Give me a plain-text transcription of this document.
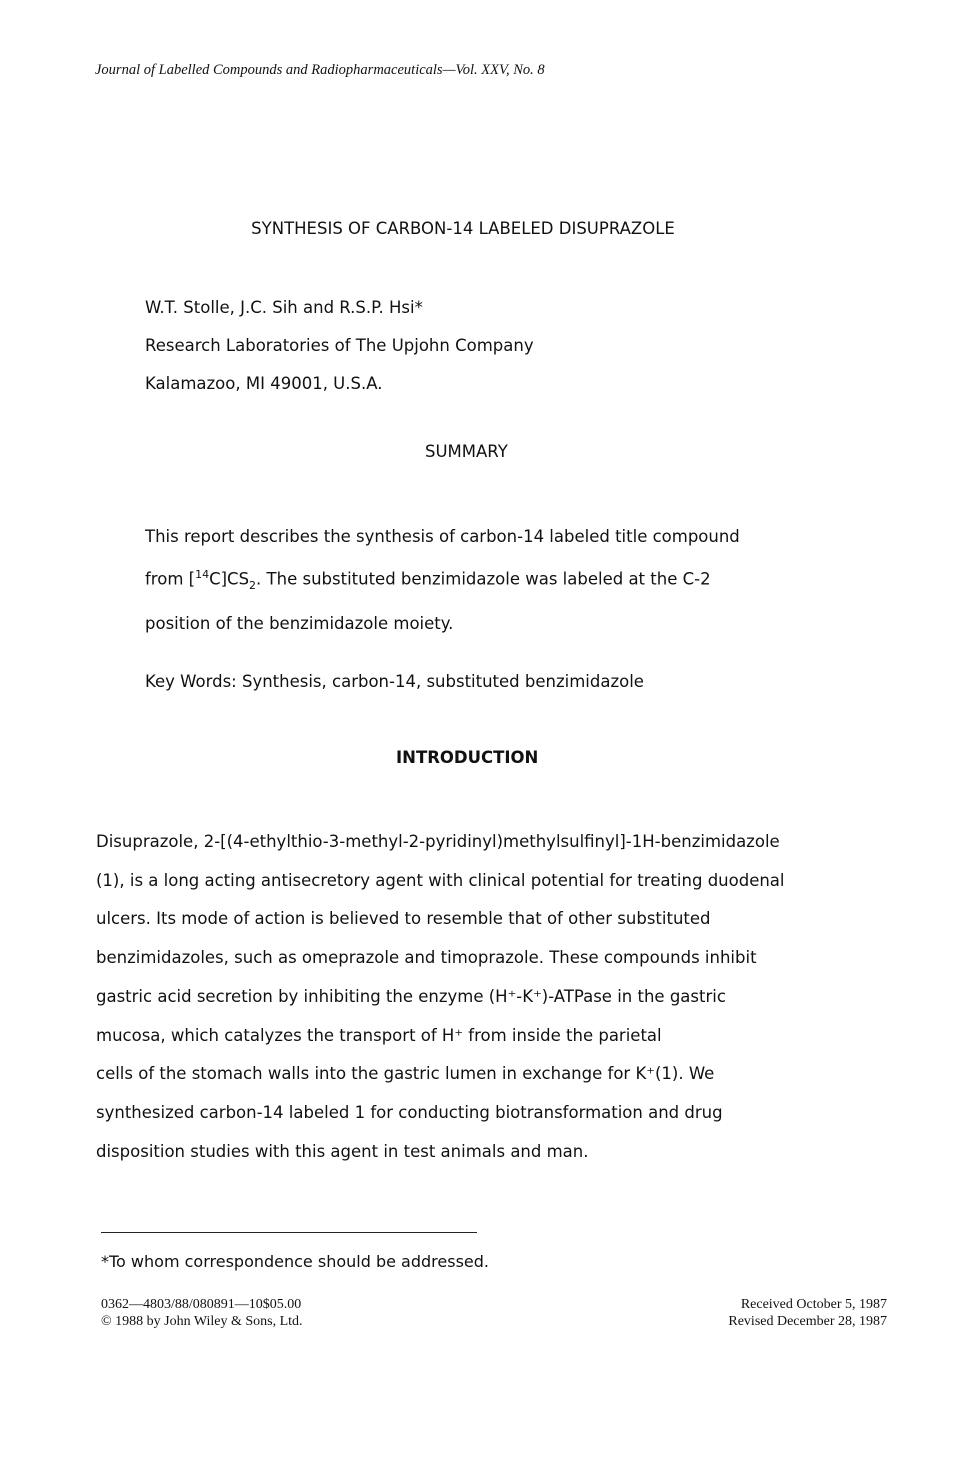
Journal of Labelled Compounds and Radiopharmaceuticals—Vol. XXV, No. 8
SYNTHESIS OF CARBON-14 LABELED DISUPRAZOLE
W.T. Stolle, J.C. Sih and R.S.P. Hsi*
Research Laboratories of The Upjohn Company
Kalamazoo, MI 49001, U.S.A.
SUMMARY

This report describes the synthesis of carbon-14 labeled title compound

from $[^{14}C]CS_2$. The substituted benzimidazole was labeled at the C-2

position of the benzimidazole moiety.

Key Words: Synthesis, carbon-14, substituted benzimidazole
INTRODUCTION

Disuprazole, 2-[(4-ethylthio-3-methyl-2-pyridinyl)methylsulfinyl]-1H-benzimidazole

(1), is a long acting antisecretory agent with clinical potential for treating duodenal

ulcers. Its mode of action is believed to resemble that of other substituted

benzimidazoles, such as omeprazole and timoprazole. These compounds inhibit

gastric acid secretion by inhibiting the enzyme (H⁺-K⁺)-ATPase in the gastric

mucosa, which catalyzes the transport of H⁺ from inside the parietal

cells of the stomach walls into the gastric lumen in exchange for K⁺(1). We

synthesized carbon-14 labeled 1 for conducting biotransformation and drug

disposition studies with this agent in test animals and man.

*To whom correspondence should be addressed.
0362—4803/88/080891—10$05.00
© 1988 by John Wiley & Sons, Ltd.
Received October 5, 1987
Revised December 28, 1987
